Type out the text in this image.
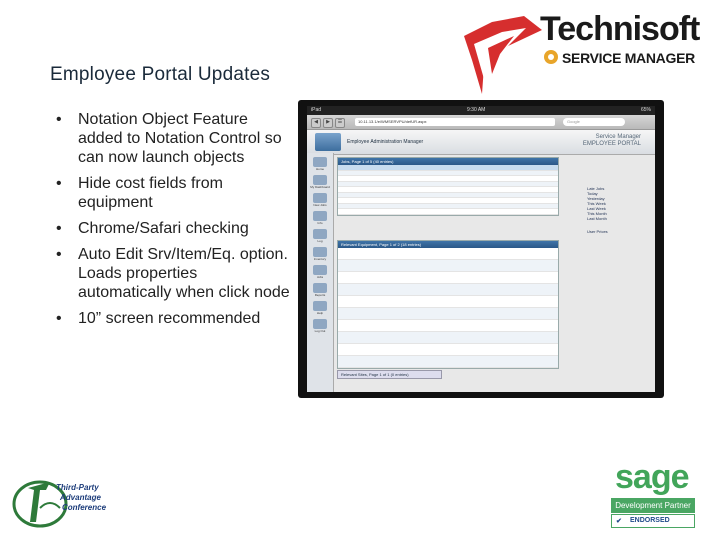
Employee Portal Updates
• Notation Object Feature added to Notation Control so can now launch objects
• Hide cost fields from equipment
• Chrome/Safari checking
• Auto Edit Srv/Item/Eq. option. Loads properties automatically when click node
• 10” screen recommended
Technisoft
SERVICE MANAGER
iPad	9:30 AM	65%
◀	▶	☰	10.11.13.1/e/WMSERVPU/defUR.aspx	Google
Employee Administration Manager
Service Manager
EMPLOYEE PORTAL
Home
My Dashboard
New Jobs
Info
Log
Inventory
Jobs
Reports
Help
Log Out
Jobs, Page 1 of 5 (40 entries)
Relevant Equipment, Page 1 of 2 (18 entries)
Late Jobs
Today
Yesterday
This Week
Last Week
This Month
Last Month
User Prices
Relevant Sites, Page 1 of 1 (0 entries)
Third-Party
Advantage
Conference
sage
Development Partner
✔ ENDORSED
